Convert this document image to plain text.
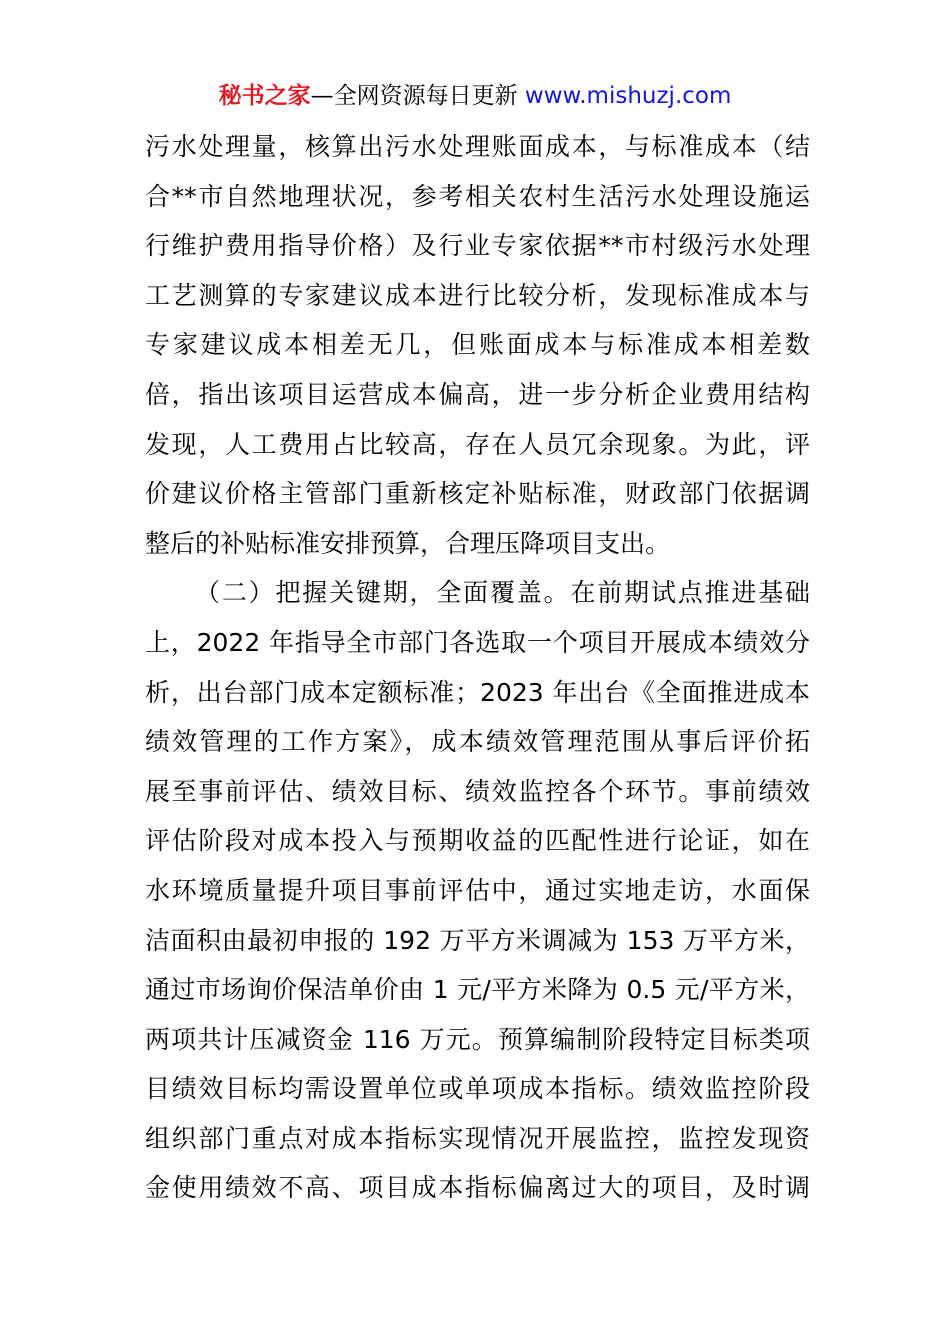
秘书之家—全网资源每日更新 www.mishuzj.com
污水处理量，核算出污水处理账面成本，与标准成本（结
合**市自然地理状况，参考相关农村生活污水处理设施运
行维护费用指导价格）及行业专家依据**市村级污水处理
工艺测算的专家建议成本进行比较分析，发现标准成本与
专家建议成本相差无几，但账面成本与标准成本相差数
倍，指出该项目运营成本偏高，进一步分析企业费用结构
发现，人工费用占比较高，存在人员冗余现象。为此，评
价建议价格主管部门重新核定补贴标准，财政部门依据调
整后的补贴标准安排预算，合理压降项目支出。
（二）把握关键期，全面覆盖。在前期试点推进基础
上，2022 年指导全市部门各选取一个项目开展成本绩效分
析，出台部门成本定额标准；2023 年出台《全面推进成本
绩效管理的工作方案》，成本绩效管理范围从事后评价拓
展至事前评估、绩效目标、绩效监控各个环节。事前绩效
评估阶段对成本投入与预期收益的匹配性进行论证，如在
水环境质量提升项目事前评估中，通过实地走访，水面保
洁面积由最初申报的 192 万平方米调减为 153 万平方米，
通过市场询价保洁单价由 1 元/平方米降为 0.5 元/平方米，
两项共计压减资金 116 万元。预算编制阶段特定目标类项
目绩效目标均需设置单位或单项成本指标。绩效监控阶段
组织部门重点对成本指标实现情况开展监控，监控发现资
金使用绩效不高、项目成本指标偏离过大的项目，及时调
